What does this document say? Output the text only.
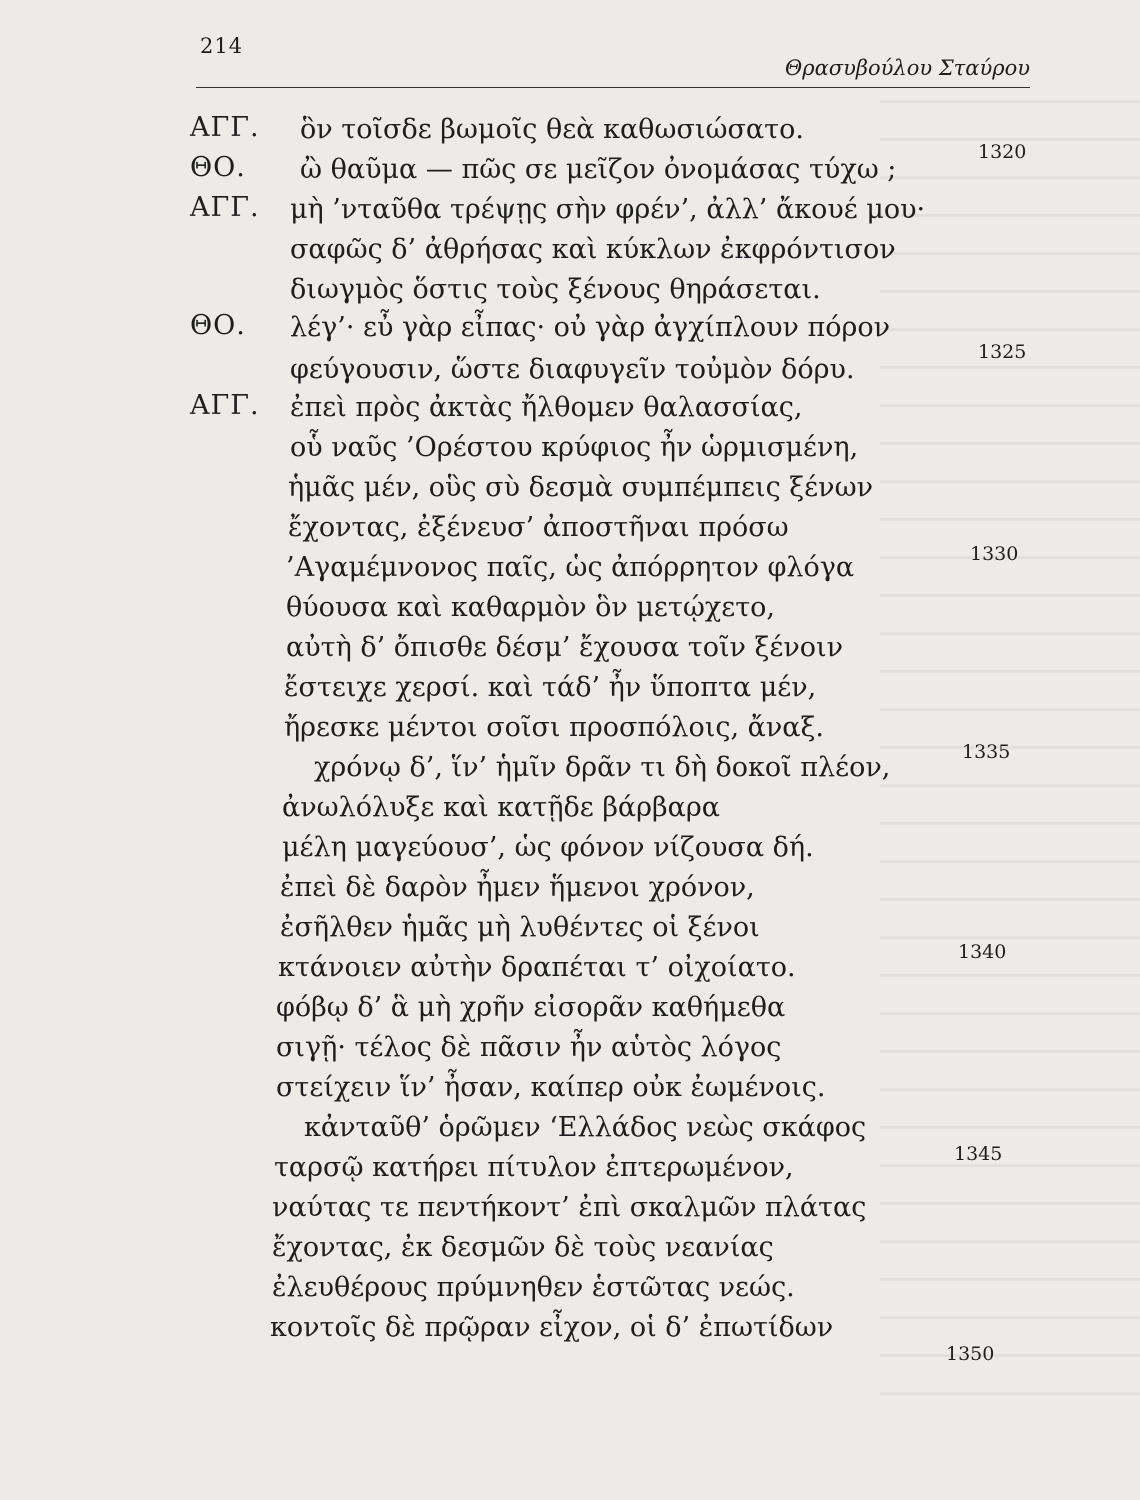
214
Θρασυβούλου Σταύρου
ΑΓΓ.
ΘΟ.
ΑΓΓ.
ΘΟ.
ΑΓΓ.
ὃν τοῖσδε βωμοῖς θεὰ καθωσιώσατο.
ὢ θαῦμα — πῶς σε μεῖζον ὀνομάσας τύχω ;
μὴ ’νταῦθα τρέψῃς σὴν φρέν’, ἀλλ’ ἄκουέ μου·
σαφῶς δ’ ἀθρήσας καὶ κύκλων ἐκφρόντισον
διωγμὸς ὅστις τοὺς ξένους θηράσεται.
λέγ’· εὖ γὰρ εἶπας· οὐ γὰρ ἀγχίπλουν πόρον
φεύγουσιν, ὥστε διαφυγεῖν τοὐμὸν δόρυ.
ἐπεὶ πρὸς ἀκτὰς ἤλθομεν θαλασσίας,
οὗ ναῦς ’Ορέστου κρύφιος ἦν ὡρμισμένη,
ἡμᾶς μέν, οὓς σὺ δεσμὰ συμπέμπεις ξένων
ἔχοντας, ἐξένευσ’ ἀποστῆναι πρόσω
’Αγαμέμνονος παῖς, ὡς ἀπόρρητον φλόγα
θύουσα καὶ καθαρμὸν ὃν μετῴχετο,
αὐτὴ δ’ ὄπισθε δέσμ’ ἔχουσα τοῖν ξένοιν
ἔστειχε χερσί. καὶ τάδ’ ἦν ὕποπτα μέν,
ἤρεσκε μέντοι σοῖσι προσπόλοις, ἄναξ.
χρόνῳ δ’, ἵν’ ἡμῖν δρᾶν τι δὴ δοκοῖ πλέον,
ἀνωλόλυξε καὶ κατῇδε βάρβαρα
μέλη μαγεύουσ’, ὡς φόνον νίζουσα δή.
ἐπεὶ δὲ δαρὸν ἦμεν ἥμενοι χρόνον,
ἐσῆλθεν ἡμᾶς μὴ λυθέντες οἱ ξένοι
κτάνοιεν αὐτὴν δραπέται τ’ οἰχοίατο.
φόβῳ δ’ ἃ μὴ χρῆν εἰσορᾶν καθήμεθα
σιγῇ· τέλος δὲ πᾶσιν ἦν αὑτὸς λόγος
στείχειν ἵν’ ἦσαν, καίπερ οὐκ ἐωμένοις.
κἀνταῦθ’ ὁρῶμεν ‘Ελλάδος νεὼς σκάφος
ταρσῷ κατήρει πίτυλον ἐπτερωμένον,
ναύτας τε πεντήκοντ’ ἐπὶ σκαλμῶν πλάτας
ἔχοντας, ἐκ δεσμῶν δὲ τοὺς νεανίας
ἐλευθέρους πρύμνηθεν ἑστῶτας νεώς.
κοντοῖς δὲ πρῷραν εἶχον, οἱ δ’ ἐπωτίδων
1320
1325
1330
1335
1340
1345
1350
